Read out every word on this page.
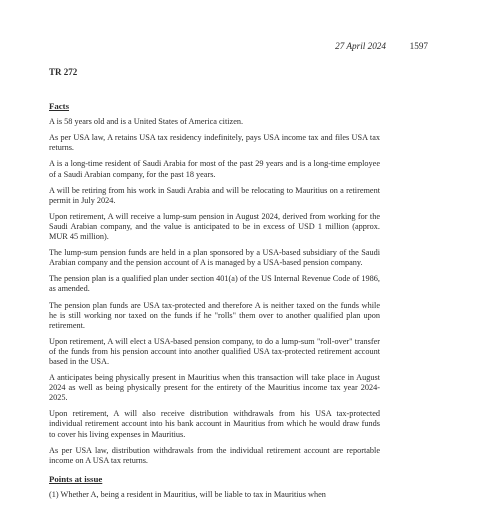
27 April 2024	1597
TR 272
Facts

A is 58 years old and is a United States of America citizen.

As per USA law, A retains USA tax residency indefinitely, pays USA income tax and files USA tax returns.

A is a long-time resident of Saudi Arabia for most of the past 29 years and is a long-time employee of a Saudi Arabian company, for the past 18 years.

A will be retiring from his work in Saudi Arabia and will be relocating to Mauritius on a retirement permit in July 2024.

Upon retirement, A will receive a lump-sum pension in August 2024, derived from working for the Saudi Arabian company, and the value is anticipated to be in excess of USD 1 million (approx. MUR 45 million).

The lump-sum pension funds are held in a plan sponsored by a USA-based subsidiary of the Saudi Arabian company and the pension account of A is managed by a USA-based pension company.

The pension plan is a qualified plan under section 401(a) of the US Internal Revenue Code of 1986, as amended.

The pension plan funds are USA tax-protected and therefore A is neither taxed on the funds while he is still working nor taxed on the funds if he "rolls" them over to another qualified plan upon retirement.

Upon retirement, A will elect a USA-based pension company, to do a lump-sum "roll-over" transfer of the funds from his pension account into another qualified USA tax-protected retirement account based in the USA.

A anticipates being physically present in Mauritius when this transaction will take place in August 2024 as well as being physically present for the entirety of the Mauritius income tax year 2024-2025.

Upon retirement, A will also receive distribution withdrawals from his USA tax-protected individual retirement account into his bank account in Mauritius from which he would draw funds to cover his living expenses in Mauritius.

As per USA law, distribution withdrawals from the individual retirement account are reportable income on A USA tax returns.

Points at issue

(1) Whether A, being a resident in Mauritius, will be liable to tax in Mauritius when
